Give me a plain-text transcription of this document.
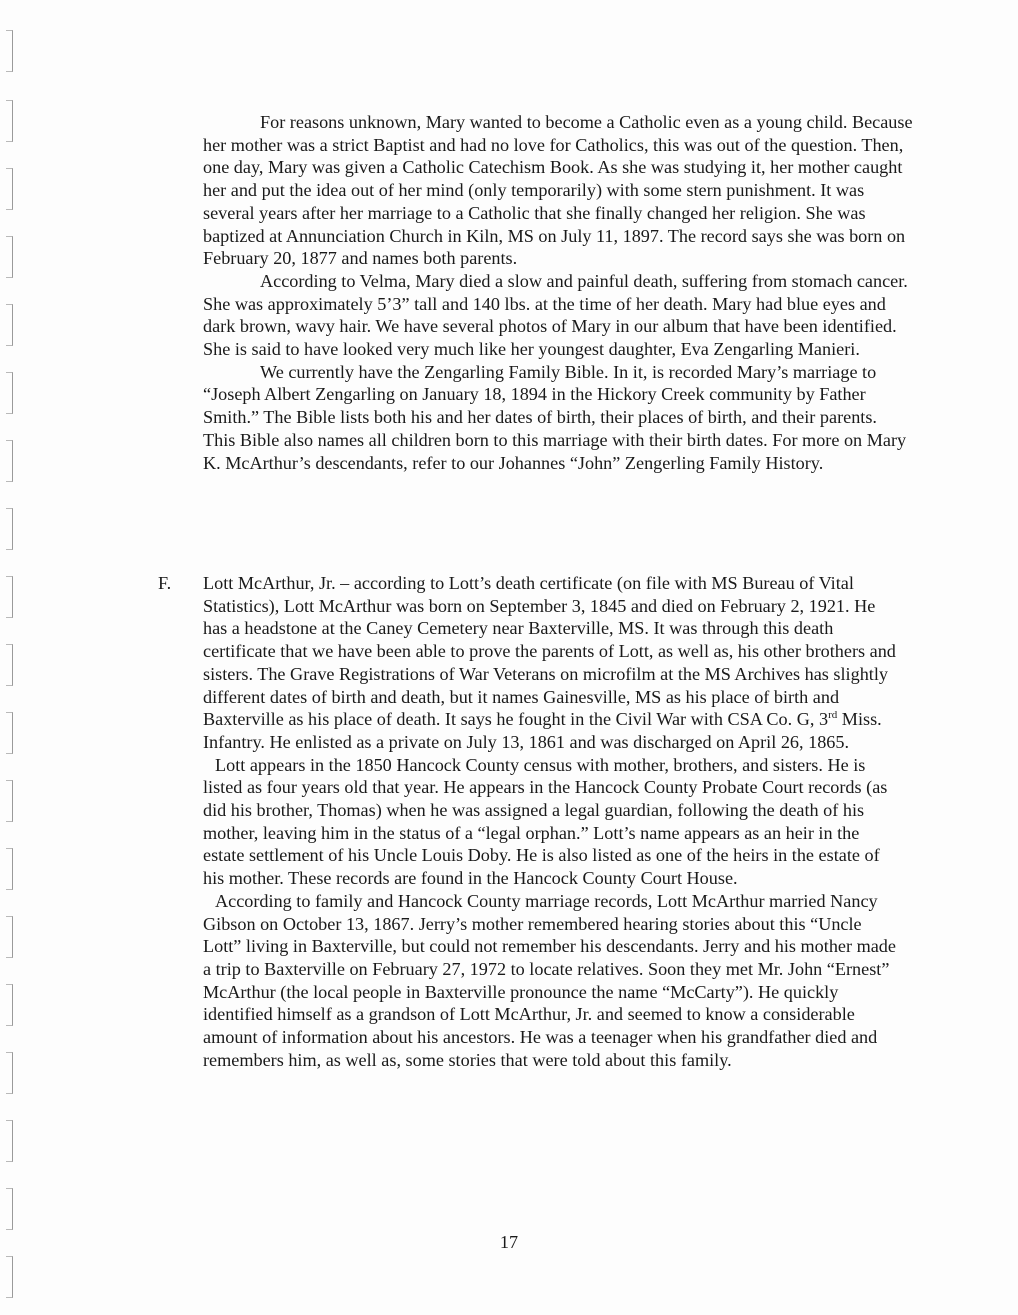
For reasons unknown, Mary wanted to become a Catholic even as a young child. Because her mother was a strict Baptist and had no love for Catholics, this was out of the question. Then, one day, Mary was given a Catholic Catechism Book. As she was studying it, her mother caught her and put the idea out of her mind (only temporarily) with some stern punishment. It was several years after her marriage to a Catholic that she finally changed her religion. She was baptized at Annunciation Church in Kiln, MS on July 11, 1897. The record says she was born on February 20, 1877 and names both parents.

According to Velma, Mary died a slow and painful death, suffering from stomach cancer. She was approximately 5’3” tall and 140 lbs. at the time of her death. Mary had blue eyes and dark brown, wavy hair. We have several photos of Mary in our album that have been identified. She is said to have looked very much like her youngest daughter, Eva Zengarling Manieri.

We currently have the Zengarling Family Bible. In it, is recorded Mary’s marriage to “Joseph Albert Zengarling on January 18, 1894 in the Hickory Creek community by Father Smith.” The Bible lists both his and her dates of birth, their places of birth, and their parents. This Bible also names all children born to this marriage with their birth dates. For more on Mary K. McArthur’s descendants, refer to our Johannes “John” Zengerling Family History.

F. Lott McArthur, Jr. – according to Lott’s death certificate (on file with MS Bureau of Vital Statistics), Lott McArthur was born on September 3, 1845 and died on February 2, 1921. He has a headstone at the Caney Cemetery near Baxterville, MS. It was through this death certificate that we have been able to prove the parents of Lott, as well as, his other brothers and sisters. The Grave Registrations of War Veterans on microfilm at the MS Archives has slightly different dates of birth and death, but it names Gainesville, MS as his place of birth and Baxterville as his place of death. It says he fought in the Civil War with CSA Co. G, 3rd Miss. Infantry. He enlisted as a private on July 13, 1861 and was discharged on April 26, 1865.

Lott appears in the 1850 Hancock County census with mother, brothers, and sisters. He is listed as four years old that year. He appears in the Hancock County Probate Court records (as did his brother, Thomas) when he was assigned a legal guardian, following the death of his mother, leaving him in the status of a “legal orphan.” Lott’s name appears as an heir in the estate settlement of his Uncle Louis Doby. He is also listed as one of the heirs in the estate of his mother. These records are found in the Hancock County Court House.

According to family and Hancock County marriage records, Lott McArthur married Nancy Gibson on October 13, 1867. Jerry’s mother remembered hearing stories about this “Uncle Lott” living in Baxterville, but could not remember his descendants. Jerry and his mother made a trip to Baxterville on February 27, 1972 to locate relatives. Soon they met Mr. John “Ernest” McArthur (the local people in Baxterville pronounce the name “McCarty”). He quickly identified himself as a grandson of Lott McArthur, Jr. and seemed to know a considerable amount of information about his ancestors. He was a teenager when his grandfather died and remembers him, as well as, some stories that were told about this family.

17
